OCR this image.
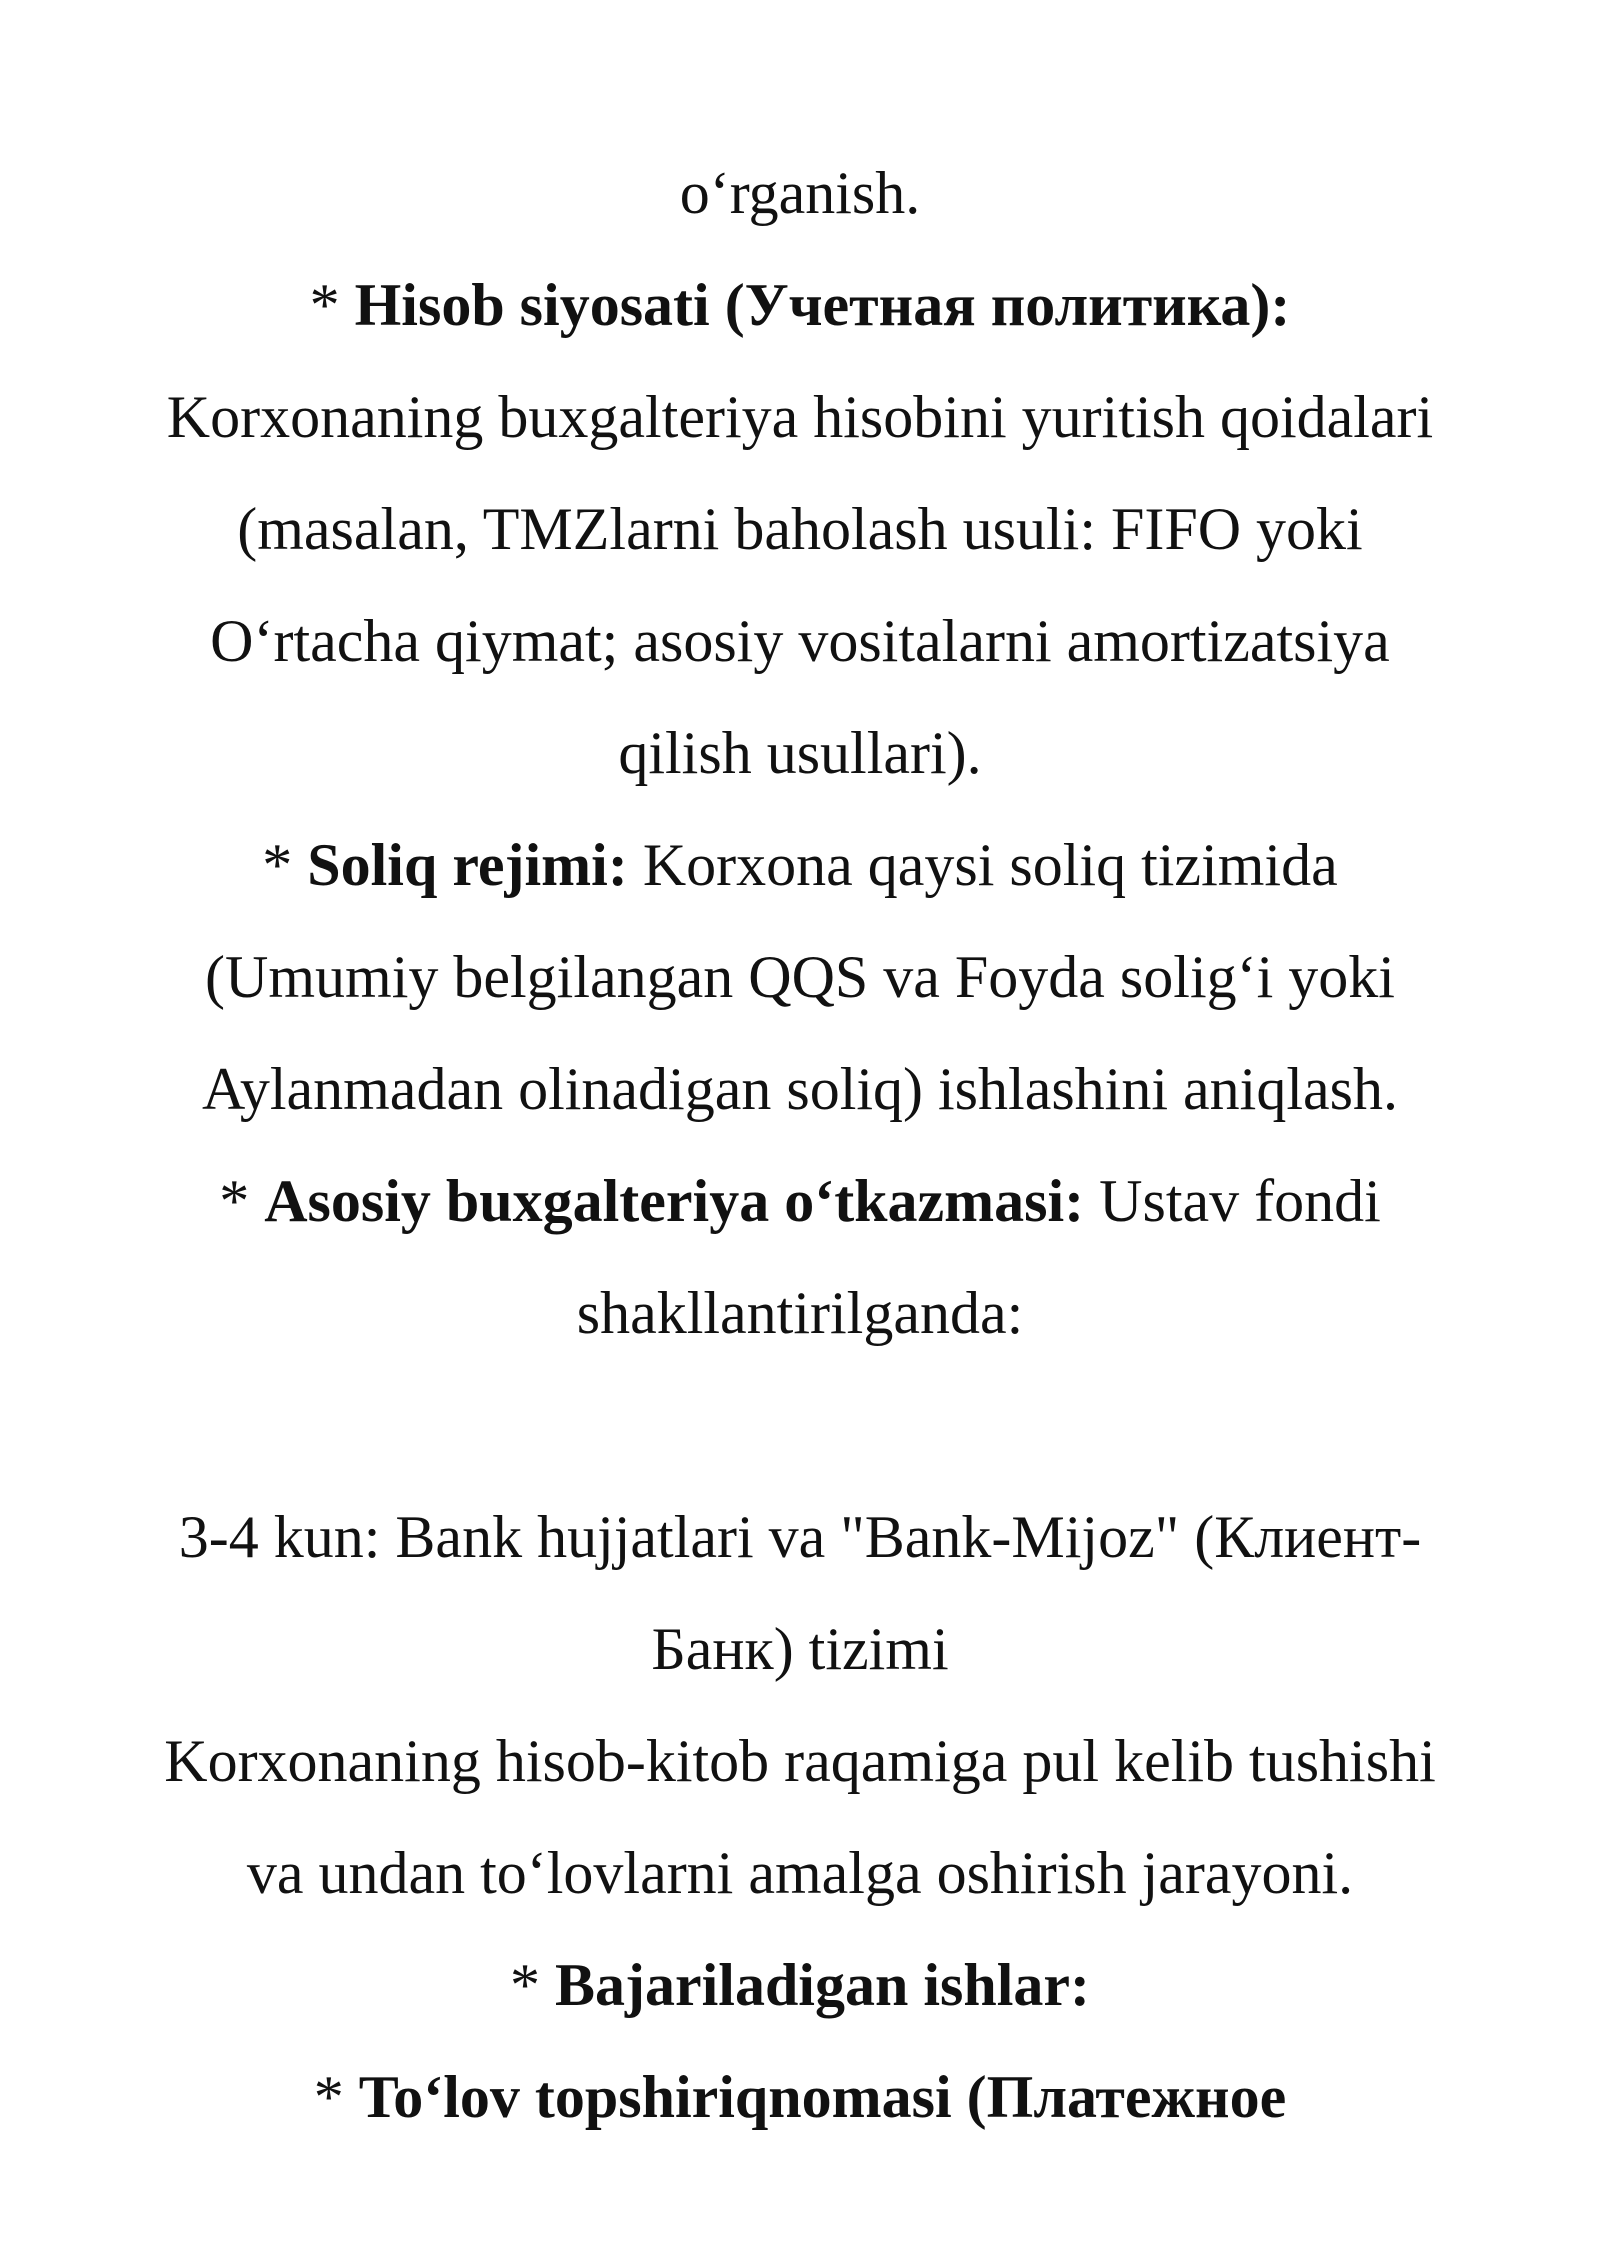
o‘rganish.
* Hisob siyosati (Учетная политика):
Korxonaning buxgalteriya hisobini yuritish qoidalari
(masalan, TMZlarni baholash usuli: FIFO yoki
O‘rtacha qiymat; asosiy vositalarni amortizatsiya
qilish usullari).
* Soliq rejimi: Korxona qaysi soliq tizimida
(Umumiy belgilangan QQS va Foyda solig‘i yoki
Aylanmadan olinadigan soliq) ishlashini aniqlash.
* Asosiy buxgalteriya o‘tkazmasi: Ustav fondi
shakllantirilganda:
3-4 kun: Bank hujjatlari va "Bank-Mijoz" (Клиент-
Банк) tizimi
Korxonaning hisob-kitob raqamiga pul kelib tushishi
va undan to‘lovlarni amalga oshirish jarayoni.
* Bajariladigan ishlar:
* To‘lov topshiriqnomasi (Платежное
